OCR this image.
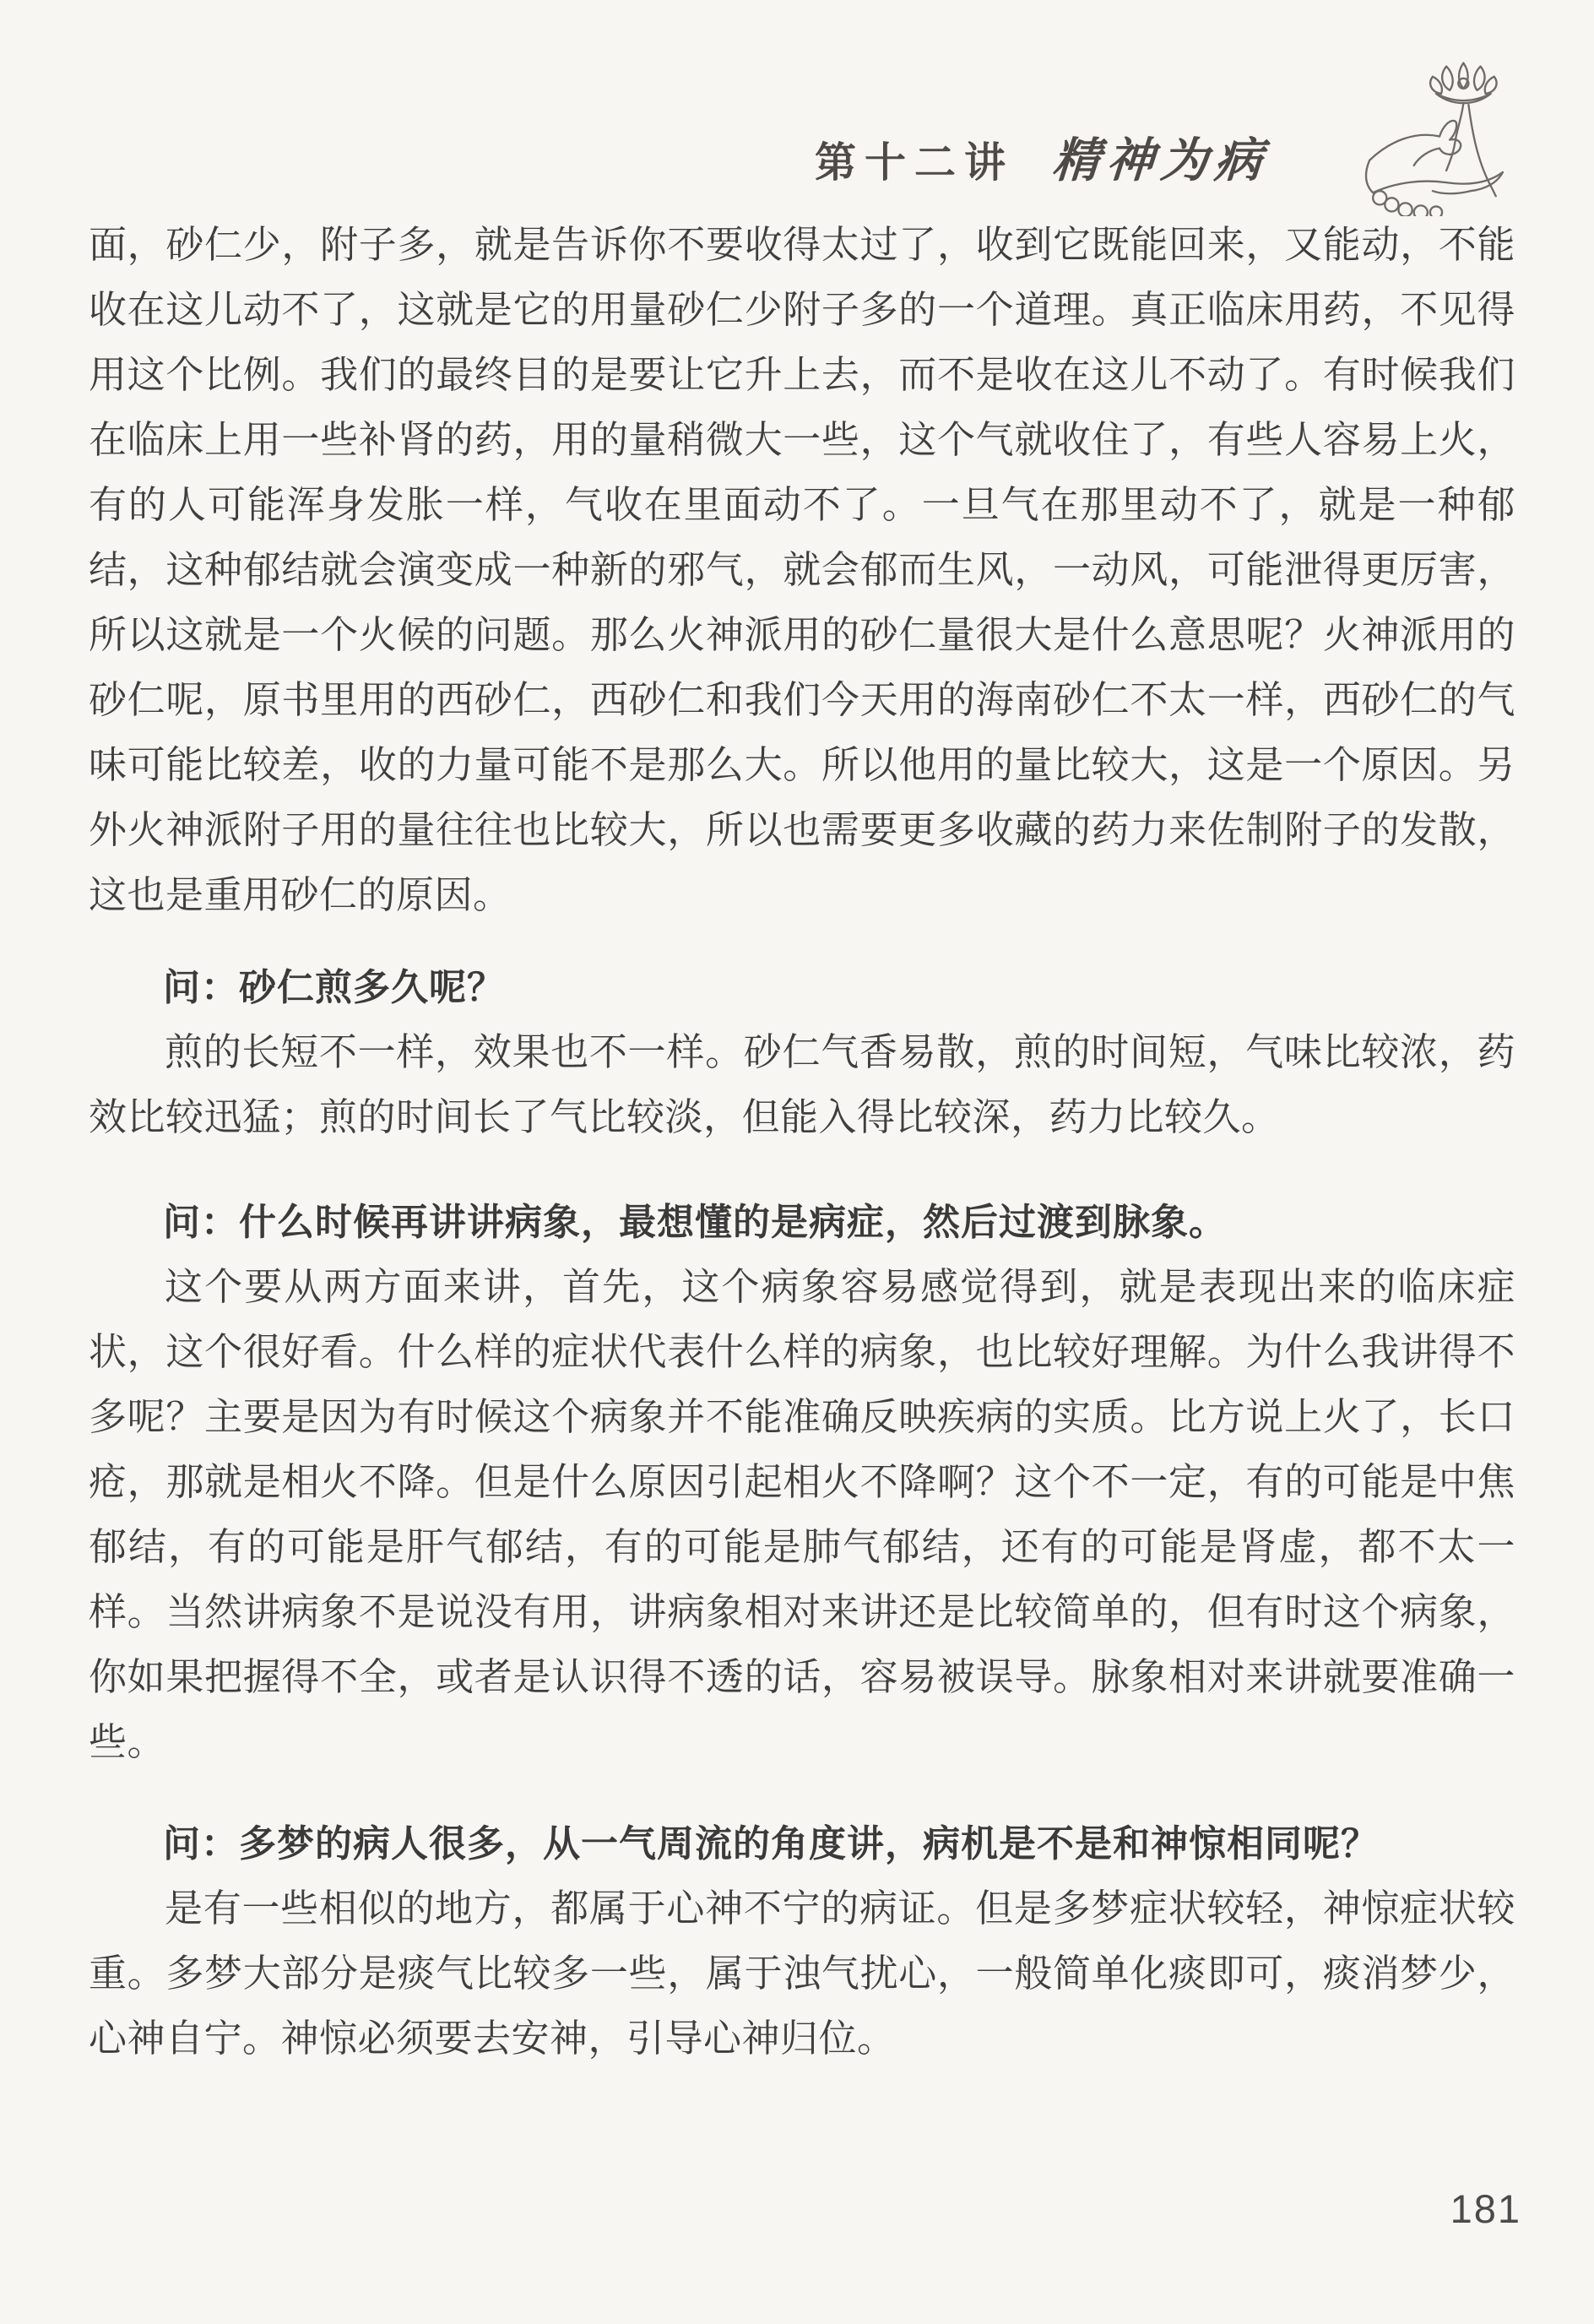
第十二讲 精神为病

面，砂仁少，附子多，就是告诉你不要收得太过了，收到它既能回来，又能动，不能收在这儿动不了，这就是它的用量砂仁少附子多的一个道理。真正临床用药，不见得用这个比例。我们的最终目的是要让它升上去，而不是收在这儿不动了。有时候我们在临床上用一些补肾的药，用的量稍微大一些，这个气就收住了，有些人容易上火，有的人可能浑身发胀一样，气收在里面动不了。一旦气在那里动不了，就是一种郁结，这种郁结就会演变成一种新的邪气，就会郁而生风，一动风，可能泄得更厉害，所以这就是一个火候的问题。那么火神派用的砂仁量很大是什么意思呢？火神派用的砂仁呢，原书里用的西砂仁，西砂仁和我们今天用的海南砂仁不太一样，西砂仁的气味可能比较差，收的力量可能不是那么大。所以他用的量比较大，这是一个原因。另外火神派附子用的量往往也比较大，所以也需要更多收藏的药力来佐制附子的发散，这也是重用砂仁的原因。

问：砂仁煎多久呢？

煎的长短不一样，效果也不一样。砂仁气香易散，煎的时间短，气味比较浓，药效比较迅猛；煎的时间长了气比较淡，但能入得比较深，药力比较久。

问：什么时候再讲讲病象，最想懂的是病症，然后过渡到脉象。

这个要从两方面来讲，首先，这个病象容易感觉得到，就是表现出来的临床症状，这个很好看。什么样的症状代表什么样的病象，也比较好理解。为什么我讲得不多呢？主要是因为有时候这个病象并不能准确反映疾病的实质。比方说上火了，长口疮，那就是相火不降。但是什么原因引起相火不降啊？这个不一定，有的可能是中焦郁结，有的可能是肝气郁结，有的可能是肺气郁结，还有的可能是肾虚，都不太一样。当然讲病象不是说没有用，讲病象相对来讲还是比较简单的，但有时这个病象，你如果把握得不全，或者是认识得不透的话，容易被误导。脉象相对来讲就要准确一些。

问：多梦的病人很多，从一气周流的角度讲，病机是不是和神惊相同呢？

是有一些相似的地方，都属于心神不宁的病证。但是多梦症状较轻，神惊症状较重。多梦大部分是痰气比较多一些，属于浊气扰心，一般简单化痰即可，痰消梦少，心神自宁。神惊必须要去安神，引导心神归位。

181
